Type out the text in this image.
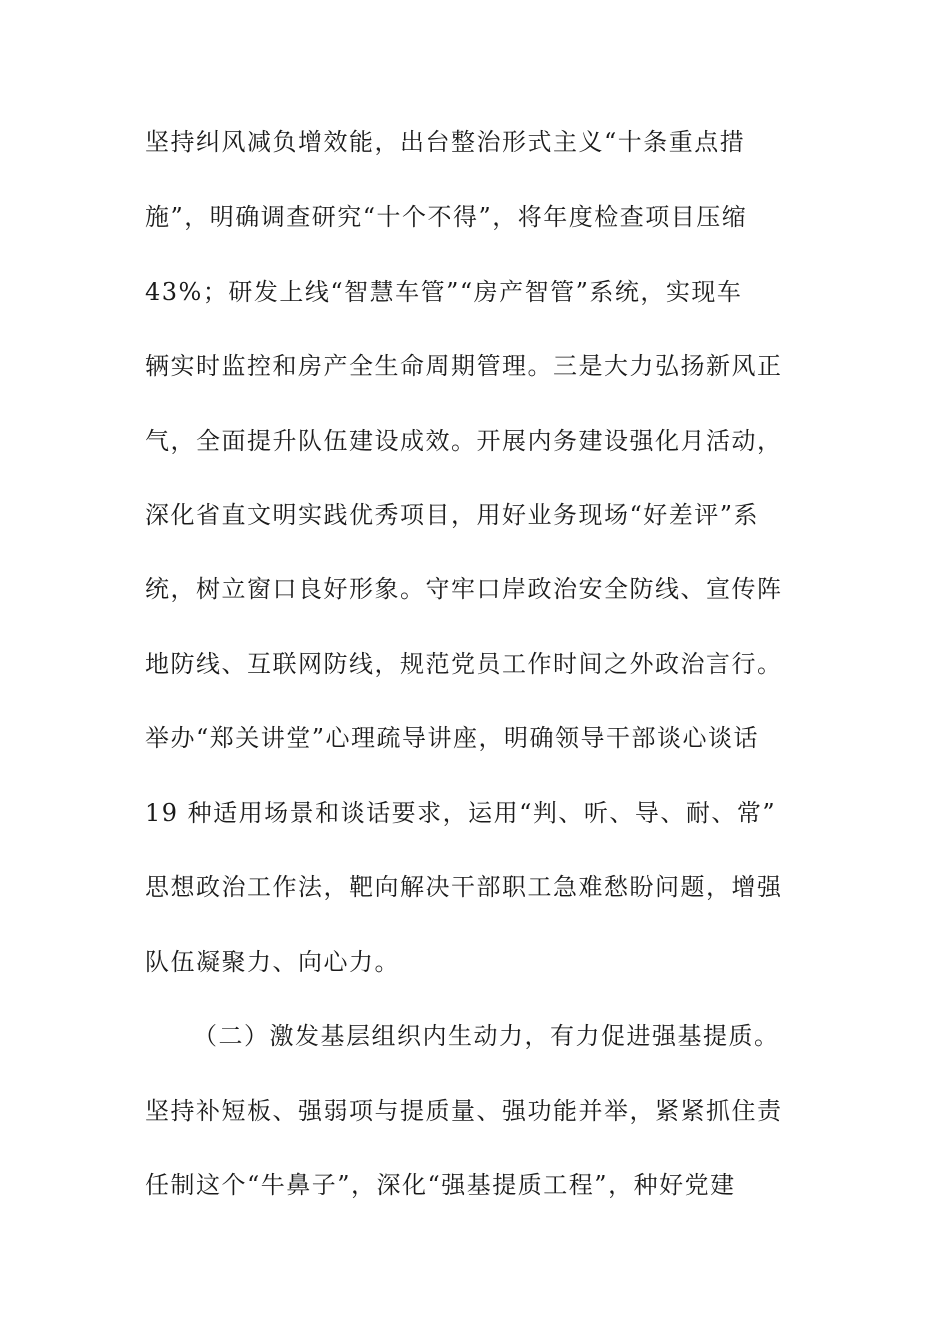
坚持纠风减负增效能，出台整治形式主义“十条重点措
施”，明确调查研究“十个不得”，将年度检查项目压缩
43%；研发上线“智慧车管”“房产智管”系统，实现车
辆实时监控和房产全生命周期管理。三是大力弘扬新风正
气，全面提升队伍建设成效。开展内务建设强化月活动，
深化省直文明实践优秀项目，用好业务现场“好差评”系
统，树立窗口良好形象。守牢口岸政治安全防线、宣传阵
地防线、互联网防线，规范党员工作时间之外政治言行。
举办“郑关讲堂”心理疏导讲座，明确领导干部谈心谈话
19 种适用场景和谈话要求，运用“判、听、导、耐、常”
思想政治工作法，靶向解决干部职工急难愁盼问题，增强
队伍凝聚力、向心力。
（二）激发基层组织内生动力，有力促进强基提质。
坚持补短板、强弱项与提质量、强功能并举，紧紧抓住责
任制这个“牛鼻子”，深化“强基提质工程”，种好党建
